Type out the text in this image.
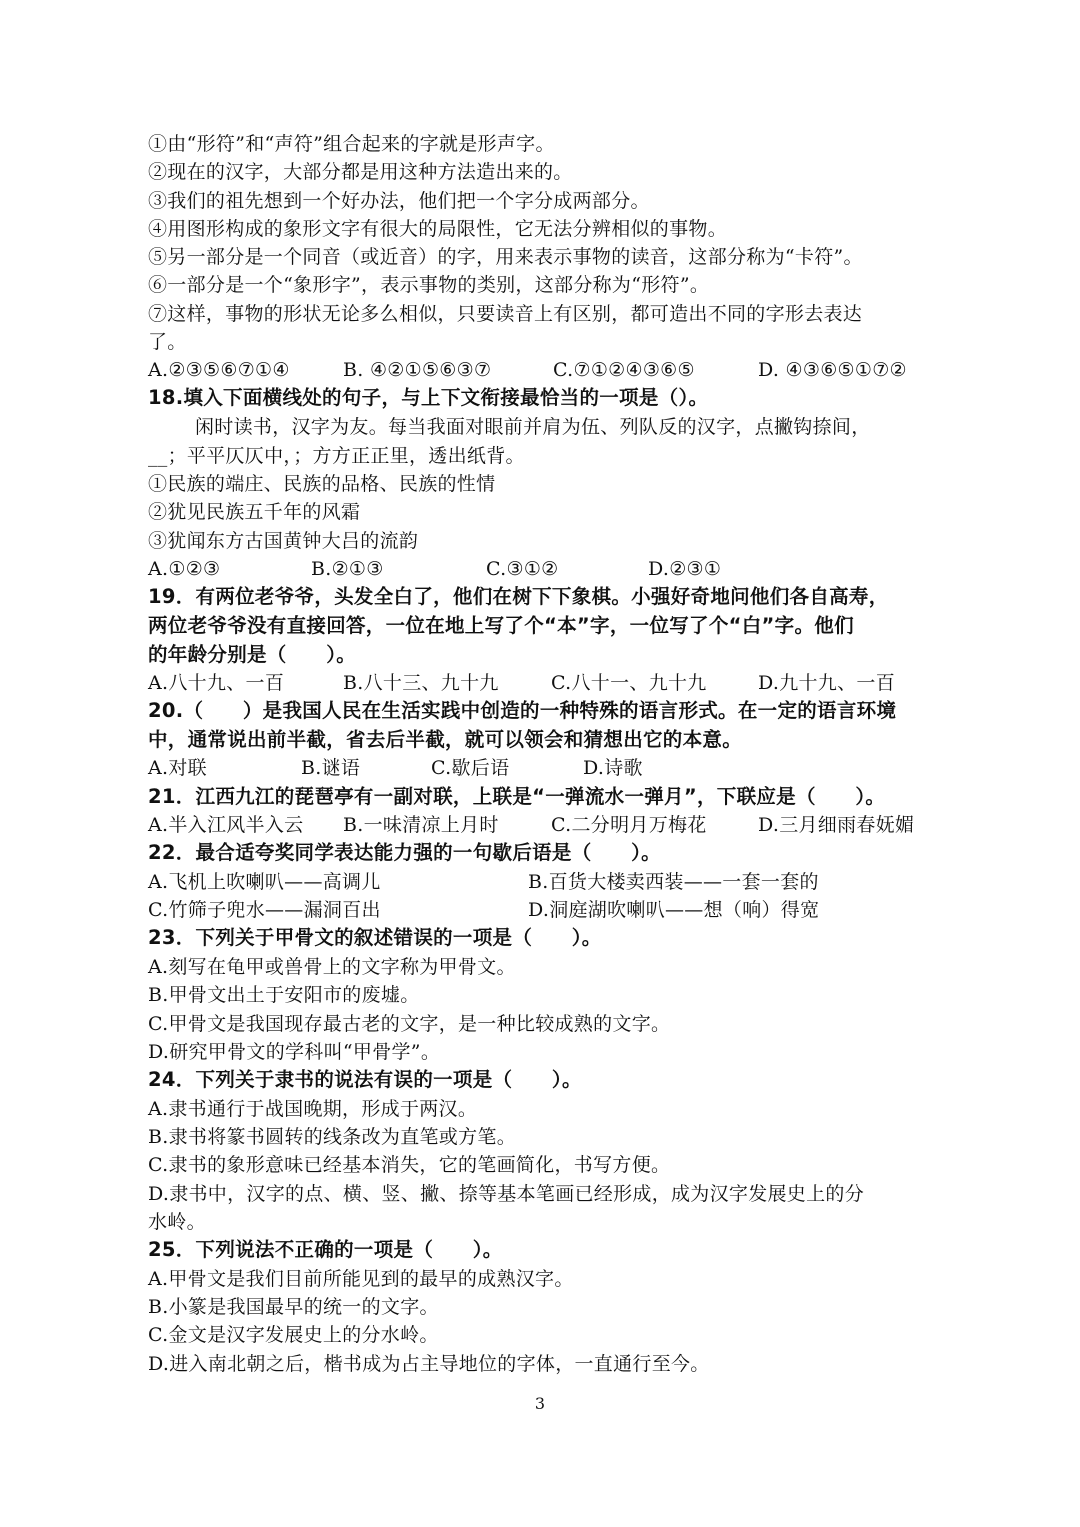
①由“形符”和“声符”组合起来的字就是形声字。
②现在的汉字，大部分都是用这种方法造出来的。
③我们的祖先想到一个好办法，他们把一个字分成两部分。
④用图形构成的象形文字有很大的局限性，它无法分辨相似的事物。
⑤另一部分是一个同音（或近音）的字，用来表示事物的读音，这部分称为“卡符”。
⑥一部分是一个“象形字”，表示事物的类别，这部分称为“形符”。
⑦这样，事物的形状无论多么相似，只要读音上有区别，都可造出不同的字形去表达
了。
A.②③⑤⑥⑦①④	B. ④②①⑤⑥③⑦	C.⑦①②④③⑥⑤	D. ④③⑥⑤①⑦②
18.填入下面横线处的句子，与上下文衔接最恰当的一项是（）。
闲时读书，汉字为友。每当我面对眼前并肩为伍、列队反的汉字，点撇钩捺间，
__；平平仄仄中，；方方正正里，透出纸背。
①民族的端庄、民族的品格、民族的性情
②犹见民族五千年的风霜
③犹闻东方古国黄钟大吕的流韵
A.①②③	B.②①③	C.③①②	D.②③①
19．有两位老爷爷，头发全白了，他们在树下下象棋。小强好奇地问他们各自高寿，
两位老爷爷没有直接回答，一位在地上写了个“本”字，一位写了个“白”字。他们
的年龄分别是（　　）。
A.八十九、一百	B.八十三、九十九	C.八十一、九十九	D.九十九、一百
20.（　　）是我国人民在生活实践中创造的一种特殊的语言形式。在一定的语言环境
中，通常说出前半截，省去后半截，就可以领会和猜想出它的本意。
A.对联	B.谜语	C.歇后语	D.诗歌
21．江西九江的琵琶亭有一副对联，上联是“一弹流水一弹月”，下联应是（　　）。
A.半入江风半入云 B.一味清凉上月时	C.二分明月万梅花	D.三月细雨春妩媚
22．最合适夸奖同学表达能力强的一句歇后语是（　　）。
A.飞机上吹喇叭——高调儿	B.百货大楼卖西装——一套一套的
C.竹筛子兜水——漏洞百出	D.洞庭湖吹喇叭——想（响）得宽
23．下列关于甲骨文的叙述错误的一项是（　　）。
A.刻写在龟甲或兽骨上的文字称为甲骨文。
B.甲骨文出土于安阳市的废墟。
C.甲骨文是我国现存最古老的文字，是一种比较成熟的文字。
D.研究甲骨文的学科叫“甲骨学”。
24．下列关于隶书的说法有误的一项是（　　）。
A.隶书通行于战国晚期，形成于两汉。
B.隶书将篆书圆转的线条改为直笔或方笔。
C.隶书的象形意味已经基本消失，它的笔画简化，书写方便。
D.隶书中，汉字的点、横、竖、撇、捺等基本笔画已经形成，成为汉字发展史上的分
水岭。
25．下列说法不正确的一项是（　　）。
A.甲骨文是我们目前所能见到的最早的成熟汉字。
B.小篆是我国最早的统一的文字。
C.金文是汉字发展史上的分水岭。
D.进入南北朝之后，楷书成为占主导地位的字体，一直通行至今。
3
